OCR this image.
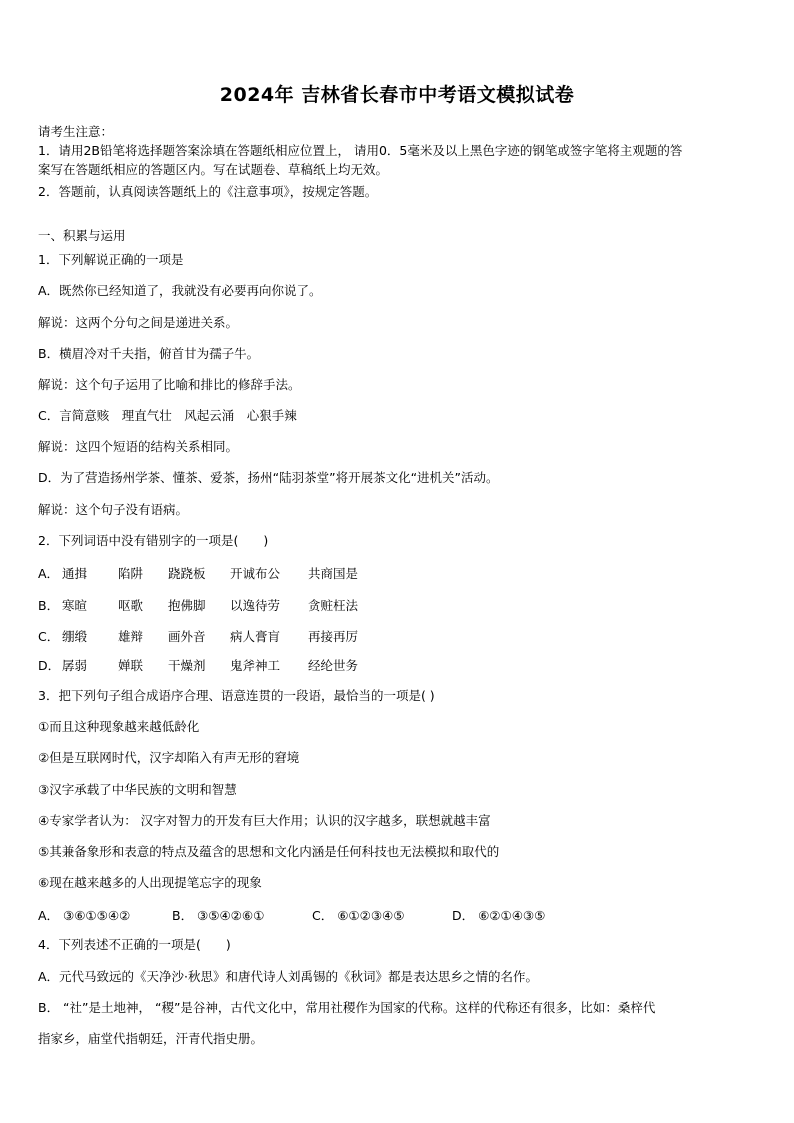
2024年 吉林省长春市中考语文模拟试卷
请考生注意：
1．请用2B铅笔将选择题答案涂填在答题纸相应位置上， 请用0．5毫米及以上黑色字迹的钢笔或签字笔将主观题的答
案写在答题纸相应的答题区内。写在试题卷、草稿纸上均无效。
2．答题前，认真阅读答题纸上的《注意事项》，按规定答题。
一、积累与运用
1．下列解说正确的一项是
A．既然你已经知道了，我就没有必要再向你说了。
解说：这两个分句之间是递进关系。
B．横眉冷对千夫指，俯首甘为孺子牛。
解说：这个句子运用了比喻和排比的修辞手法。
C．言简意赅　理直气壮　风起云涌　心狠手辣
解说：这四个短语的结构关系相同。
D．为了营造扬州学茶、懂茶、爱茶，扬州“陆羽茶堂”将开展茶文化“进机关”活动。
解说：这个句子没有语病。
2．下列词语中没有错别字的一项是(　　)
A． 通揖 陷阱 跷跷板 开诚布公 共商国是
B． 寒暄 呕歌 抱佛脚 以逸待劳 贪赃枉法
C． 绷缎 雄辩 画外音 病人膏肓 再接再厉
D． 孱弱 婵联 干燥剂 鬼斧神工 经纶世务
3．把下列句子组合成语序合理、语意连贯的一段语，最恰当的一项是( )
①而且这种现象越来越低龄化
②但是互联网时代，汉字却陷入有声无形的窘境
③汉字承载了中华民族的文明和智慧
④专家学者认为： 汉字对智力的开发有巨大作用；认识的汉字越多，联想就越丰富
⑤其兼备象形和表意的特点及蕴含的思想和文化内涵是任何科技也无法模拟和取代的
⑥现在越来越多的人出现提笔忘字的现象
A． ③⑥①⑤④②	B． ③⑤④②⑥①	C． ⑥①②③④⑤	D． ⑥②①④③⑤
4．下列表述不正确的一项是(　　)
A．元代马致远的《天净沙·秋思》和唐代诗人刘禹锡的《秋词》都是表达思乡之情的名作。
B． “社”是土地神， “稷”是谷神，古代文化中，常用社稷作为国家的代称。这样的代称还有很多，比如：桑梓代
指家乡，庙堂代指朝廷，汗青代指史册。
